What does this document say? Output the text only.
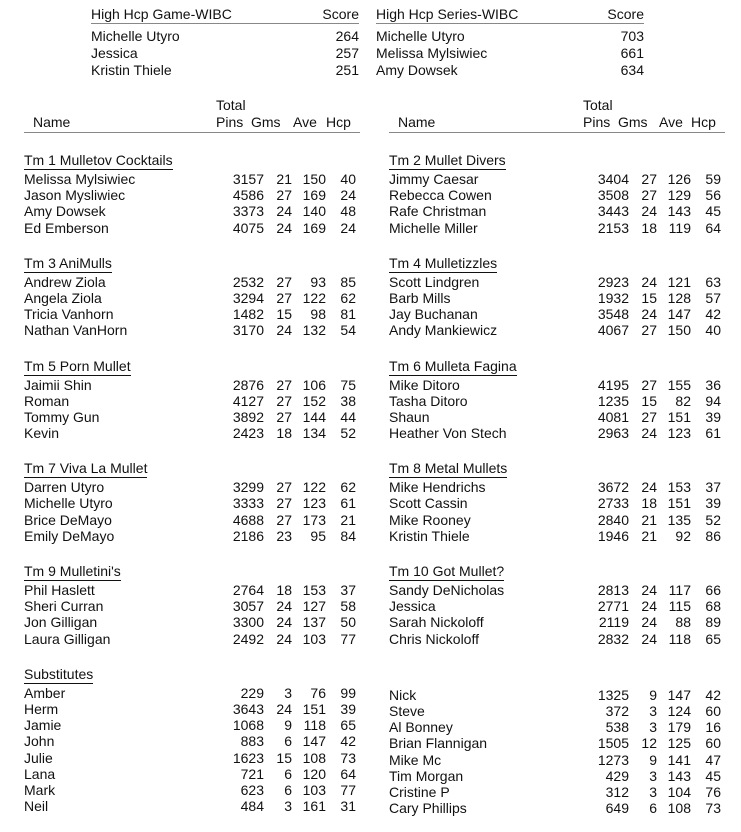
High Hcp Game-WIBC	Score
Michelle Utyro	264
Jessica	257
Kristin Thiele	251
High Hcp Series-WIBC	Score
Michelle Utyro	703
Melissa Mylsiwiec	661
Amy Dowsek	634
Name
Total
Pins Gms Ave Hcp
Tm 1 Mulletov Cocktails
Melissa Mylsiwiec	3157 21 150	40
Jason Mysliwiec	4586 27 169	24
Amy Dowsek	3373 24 140	48
Ed Emberson	4075 24 169	24
Tm 3 AniMulls
Andrew Ziola	2532 27	93	85
Angela Ziola	3294 27 122	62
Tricia Vanhorn	1482 15	98	81
Nathan VanHorn	3170 24 132	54
Tm 5 Porn Mullet
Jaimii Shin	2876 27 106	75
Roman	4127 27 152	38
Tommy Gun	3892 27 144	44
Kevin	2423 18 134	52
Tm 7 Viva La Mullet
Darren Utyro	3299 27 122	62
Michelle Utyro	3333 27 123	61
Brice DeMayo	4688 27 173	21
Emily DeMayo	2186 23	95	84
Tm 9 Mulletini's
Phil Haslett	2764 18 153	37
Sheri Curran	3057 24 127	58
Jon Gilligan	3300 24 137	50
Laura Gilligan	2492 24 103	77
Substitutes
Amber	229	3	76	99
Herm	3643 24 151	39
Jamie	1068	9 118	65
John	883	6 147	42
Julie	1623 15 108	73
Lana	721	6 120	64
Mark	623	6 103	77
Neil	484	3 161	31
Name
Total
Pins Gms Ave Hcp
Tm 2 Mullet Divers
Jimmy Caesar	3404 27 126	59
Rebecca Cowen	3508 27 129	56
Rafe Christman	3443 24 143	45
Michelle Miller	2153 18 119	64
Tm 4 Mulletizzles
Scott Lindgren	2923 24 121	63
Barb Mills	1932 15 128	57
Jay Buchanan	3548 24 147	42
Andy Mankiewicz	4067 27 150	40
Tm 6 Mulleta Fagina
Mike Ditoro	4195 27 155	36
Tasha Ditoro	1235 15	82	94
Shaun	4081 27 151	39
Heather Von Stech	2963 24 123	61
Tm 8 Metal Mullets
Mike Hendrichs	3672 24 153	37
Scott Cassin	2733 18 151	39
Mike Rooney	2840 21 135	52
Kristin Thiele	1946 21	92	86
Tm 10 Got Mullet?
Sandy DeNicholas	2813 24 117	66
Jessica	2771 24 115	68
Sarah Nickoloff	2119 24	88	89
Chris Nickoloff	2832 24 118	65
Nick	1325	9 147	42
Steve	372	3 124	60
Al Bonney	538	3 179	16
Brian Flannigan	1505 12 125	60
Mike Mc	1273	9 141	47
Tim Morgan	429	3 143	45
Cristine P	312	3 104	76
Cary Phillips	649	6 108	73
